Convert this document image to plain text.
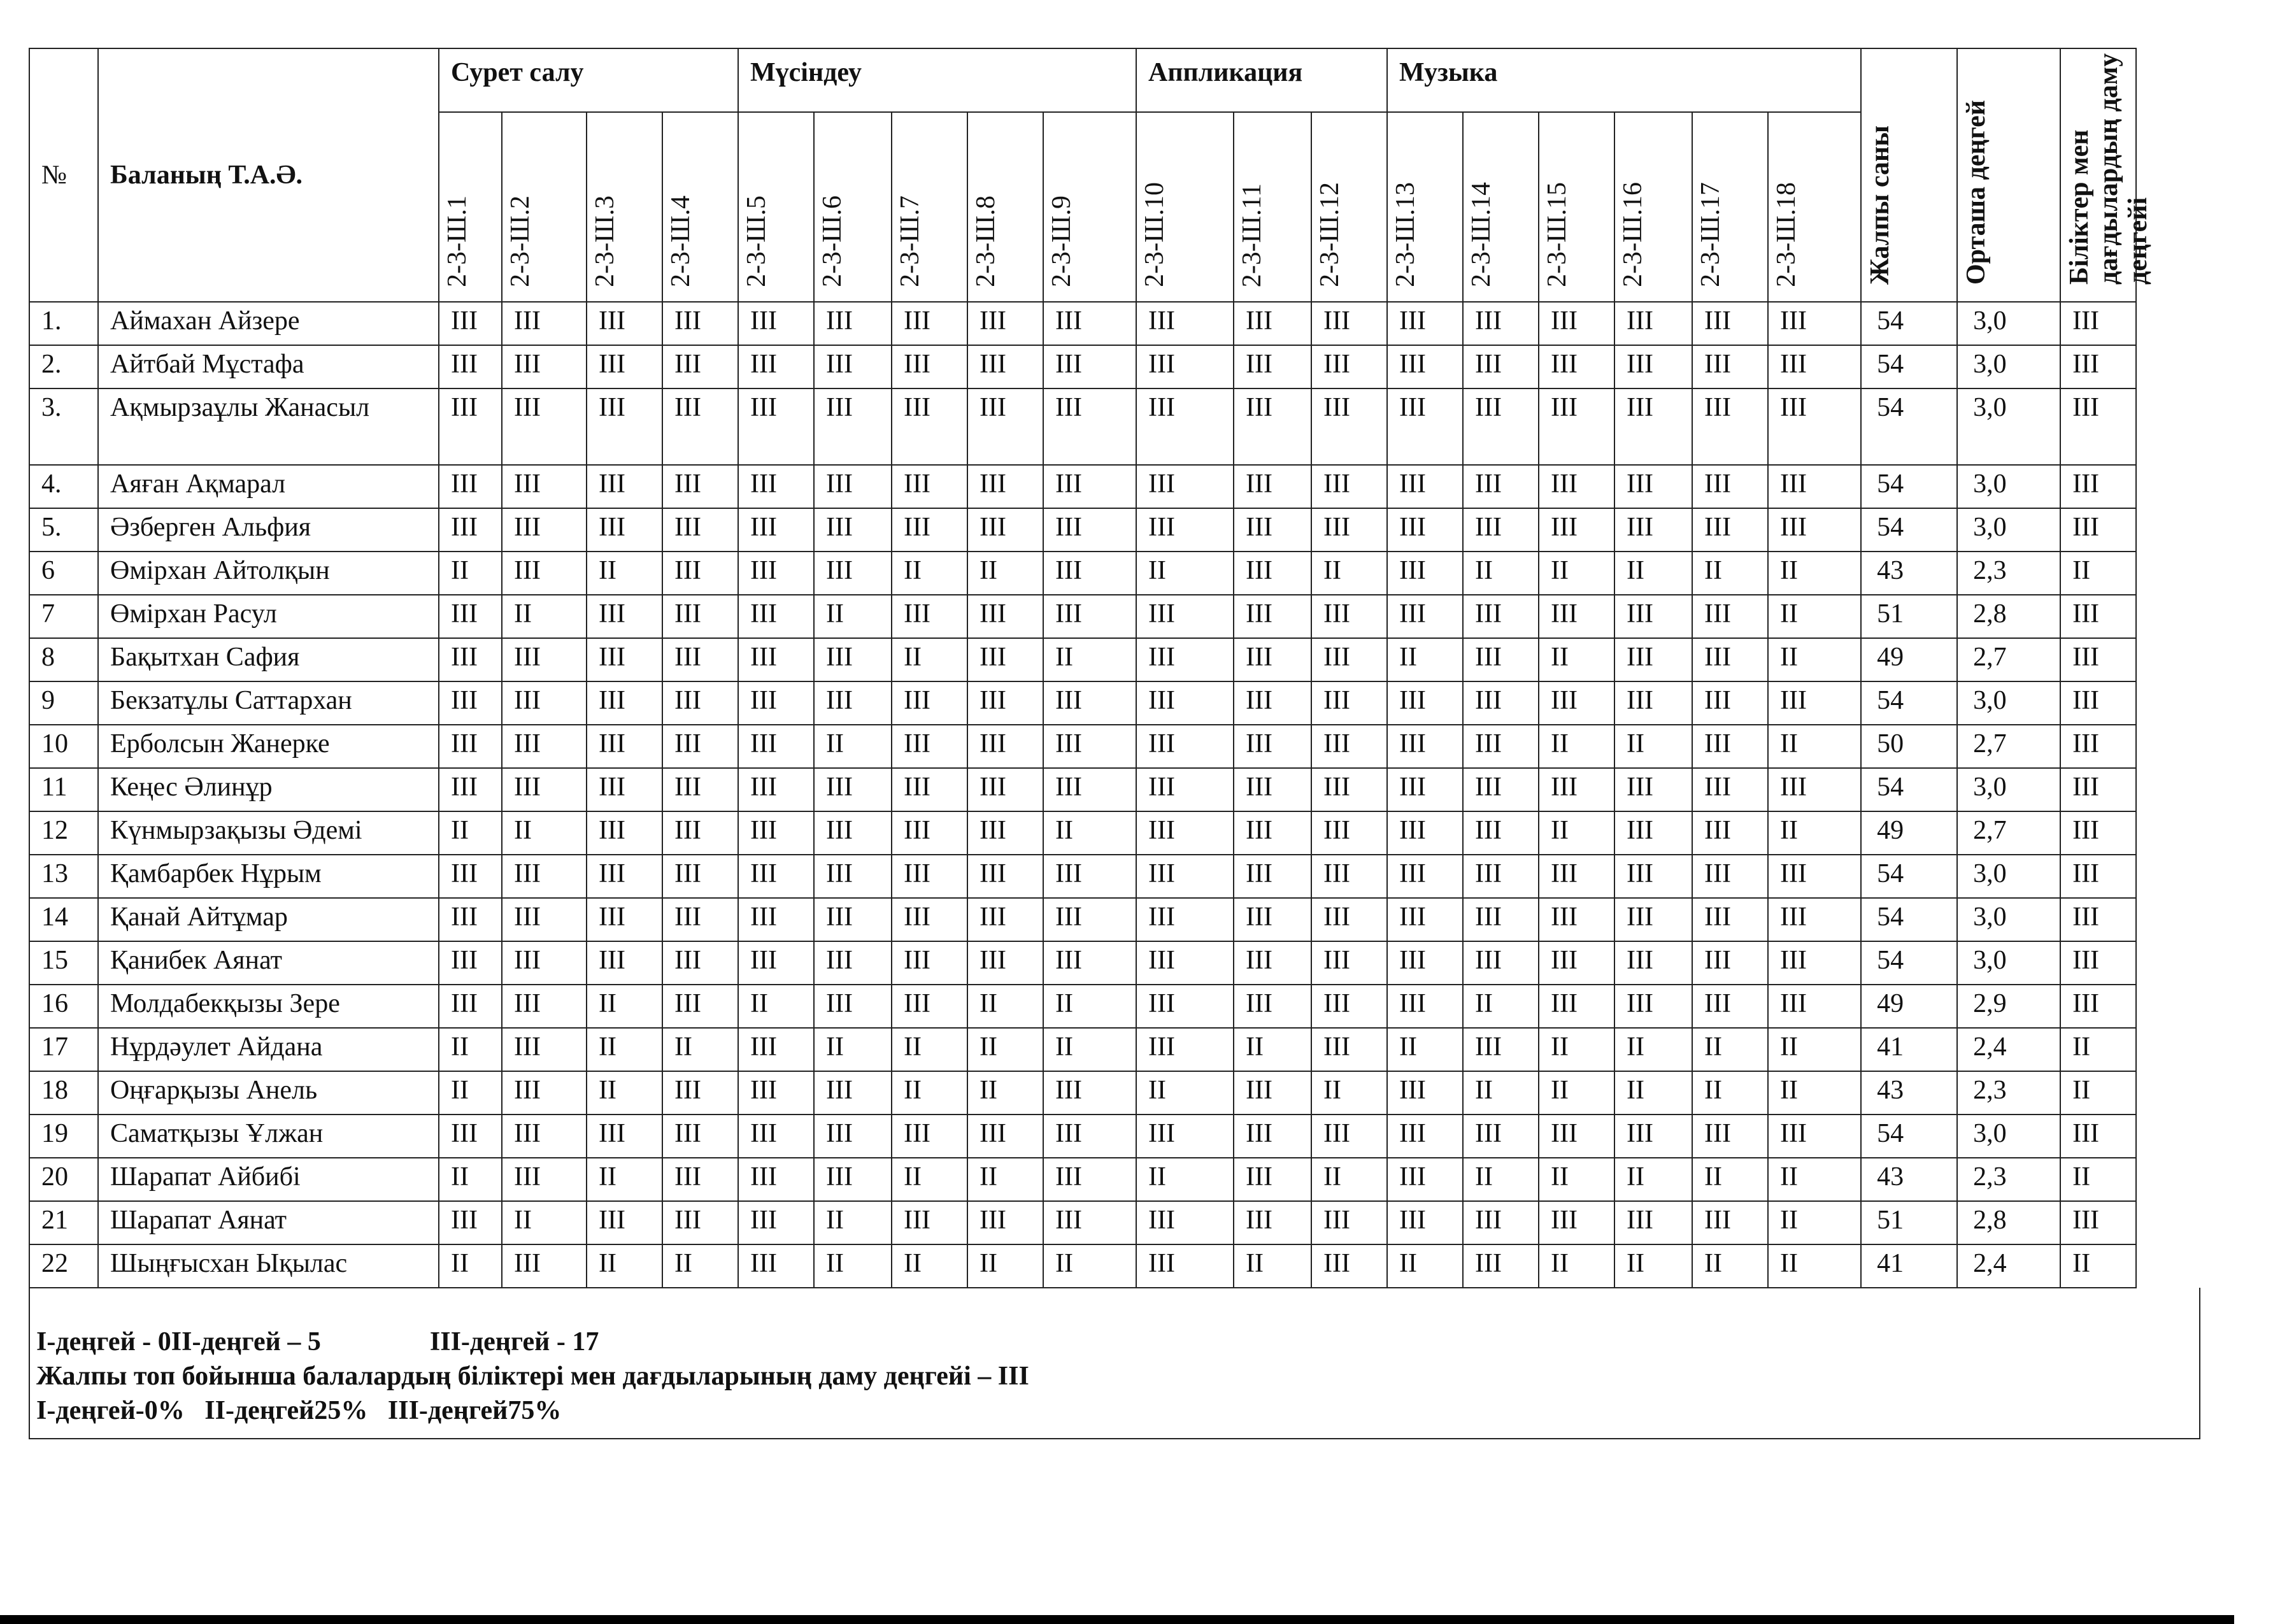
№	Баланың Т.А.Ә.	Сурет салу				Мүсіндеу					Аппликация			Музыка						Жалпы саны	Орташа деңгей	Біліктер мен дағдылардың даму деңгейі
		2-3-Ш.1	2-3-Ш.2	2-3-Ш.3	2-3-Ш.4	2-3-Ш.5	2-3-Ш.6	2-3-Ш.7	2-3-Ш.8	2-3-Ш.9	2-3-Ш.10	2-3-Ш.11	2-3-Ш.12	2-3-Ш.13	2-3-Ш.14	2-3-Ш.15	2-3-Ш.16	2-3-Ш.17	2-3-Ш.18			
1.	Аймахан Айзере	III	III	III	III	III	III	III	III	III	III	III	III	III	III	III	III	III	III	54	3,0	III
2.	Айтбай Мұстафа	III	III	III	III	III	III	III	III	III	III	III	III	III	III	III	III	III	III	54	3,0	III
3.	Ақмырзаұлы Жанасыл	III	III	III	III	III	III	III	III	III	III	III	III	III	III	III	III	III	III	54	3,0	III
4.	Аяған Ақмарал	III	III	III	III	III	III	III	III	III	III	III	III	III	III	III	III	III	III	54	3,0	III
5.	Әзберген Альфия	III	III	III	III	III	III	III	III	III	III	III	III	III	III	III	III	III	III	54	3,0	III
6	Өмірхан Айтолқын	II	III	II	III	III	III	II	II	III	II	III	II	III	II	II	II	II	II	43	2,3	II
7	Өмірхан Расул	III	II	III	III	III	II	III	III	III	III	III	III	III	III	III	III	III	II	51	2,8	III
8	Бақытхан Сафия	III	III	III	III	III	III	II	III	II	III	III	III	II	III	II	III	III	II	49	2,7	III
9	Бекзатұлы Саттархан	III	III	III	III	III	III	III	III	III	III	III	III	III	III	III	III	III	III	54	3,0	III
10	Ерболсын Жанерке	III	III	III	III	III	II	III	III	III	III	III	III	III	III	II	II	III	II	50	2,7	III
11	Кеңес Әлинұр	III	III	III	III	III	III	III	III	III	III	III	III	III	III	III	III	III	III	54	3,0	III
12	Күнмырзақызы Әдемі	II	II	III	III	III	III	III	III	II	III	III	III	III	III	II	III	III	II	49	2,7	III
13	Қамбарбек Нұрым	III	III	III	III	III	III	III	III	III	III	III	III	III	III	III	III	III	III	54	3,0	III
14	Қанай Айтұмар	III	III	III	III	III	III	III	III	III	III	III	III	III	III	III	III	III	III	54	3,0	III
15	Қанибек Аянат	III	III	III	III	III	III	III	III	III	III	III	III	III	III	III	III	III	III	54	3,0	III
16	Молдабекқызы Зере	III	III	II	III	II	III	III	II	II	III	III	III	III	II	III	III	III	III	49	2,9	III
17	Нұрдәулет Айдана	II	III	II	II	III	II	II	II	II	III	II	III	II	III	II	II	II	II	41	2,4	II
18	Оңғарқызы Анель	II	III	II	III	III	III	II	II	III	II	III	II	III	II	II	II	II	II	43	2,3	II
19	Саматқызы Ұлжан	III	III	III	III	III	III	III	III	III	III	III	III	III	III	III	III	III	III	54	3,0	III
20	Шарапат Айбибі	II	III	II	III	III	III	II	II	III	II	III	II	III	II	II	II	II	II	43	2,3	II
21	Шарапат Аянат	III	II	III	III	III	II	III	III	III	III	III	III	III	III	III	III	III	II	51	2,8	III
22	Шыңғысхан Ықылас	II	III	II	II	III	II	II	II	II	III	II	III	II	III	II	II	II	II	41	2,4	II

І-деңгей - 0ІІ-деңгей – 5	ІІІ-деңгей - 17

Жалпы топ бойынша балалардың біліктері мен дағдыларының даму деңгейі – ІІІ

І-деңгей-0%   ІІ-деңгей25%   ІІІ-деңгей75%
